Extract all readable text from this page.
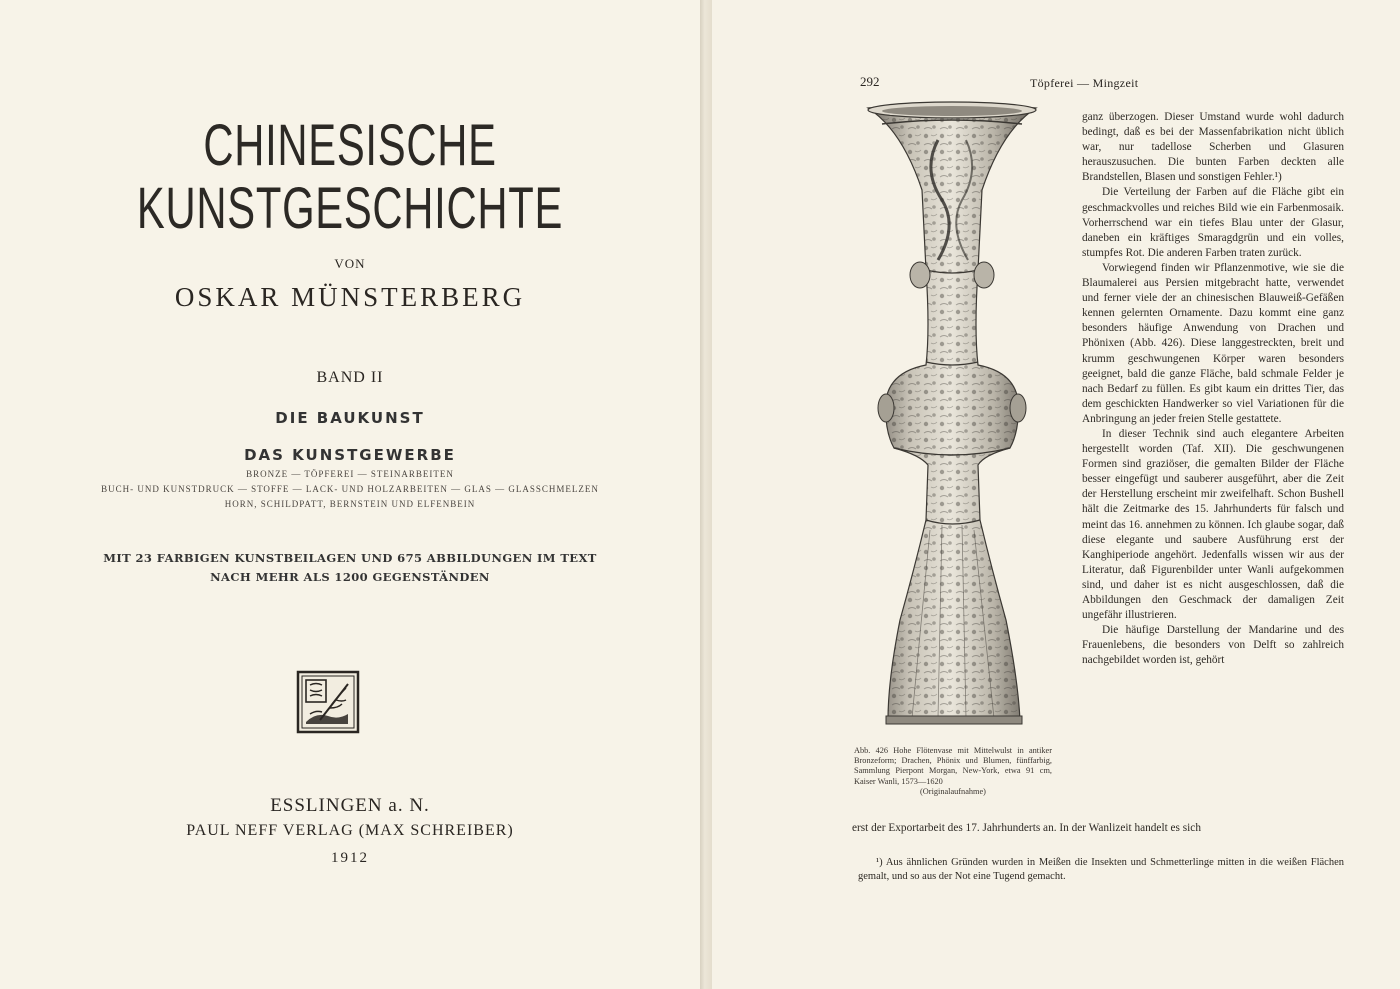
CHINESISCHE
KUNSTGESCHICHTE
VON
OSKAR MÜNSTERBERG
BAND II
DIE BAUKUNST
DAS KUNSTGEWERBE
BRONZE — TÖPFEREI — STEINARBEITEN
BUCH- UND KUNSTDRUCK — STOFFE — LACK- UND HOLZARBEITEN — GLAS — GLASSCHMELZEN
HORN, SCHILDPATT, BERNSTEIN UND ELFENBEIN
MIT 23 FARBIGEN KUNSTBEILAGEN UND 675 ABBILDUNGEN IM TEXT
NACH MEHR ALS 1200 GEGENSTÄNDEN
ESSLINGEN a. N.
PAUL NEFF VERLAG (MAX SCHREIBER)
1912
292	Töpferei — Mingzeit
Abb. 426 Hohe Flötenvase mit Mittelwulst in antiker Bronzeform; Drachen, Phönix und Blumen, fünffarbig, Sammlung Pierpont Morgan, New-York, etwa 91 cm, Kaiser Wanli, 1573—1620
(Originalaufnahme)

ganz überzogen. Dieser Umstand wurde wohl dadurch bedingt, daß es bei der Massenfabrikation nicht üblich war, nur tadellose Scherben und Glasuren herauszusuchen. Die bunten Farben deckten alle Brandstellen, Blasen und sonstigen Fehler.¹)

Die Verteilung der Farben auf die Fläche gibt ein geschmackvolles und reiches Bild wie ein Farbenmosaik. Vorherrschend war ein tiefes Blau unter der Glasur, daneben ein kräftiges Smaragdgrün und ein volles, stumpfes Rot. Die anderen Farben traten zurück.

Vorwiegend finden wir Pflanzenmotive, wie sie die Blaumalerei aus Persien mitgebracht hatte, verwendet und ferner viele der an chinesischen Blauweiß-Gefäßen kennen gelernten Ornamente. Dazu kommt eine ganz besonders häufige Anwendung von Drachen und Phönixen (Abb. 426). Diese langgestreckten, breit und krumm geschwungenen Körper waren besonders geeignet, bald die ganze Fläche, bald schmale Felder je nach Bedarf zu füllen. Es gibt kaum ein drittes Tier, das dem geschickten Handwerker so viel Variationen für die Anbringung an jeder freien Stelle gestattete.

In dieser Technik sind auch elegantere Arbeiten hergestellt worden (Taf. XII). Die geschwungenen Formen sind graziöser, die gemalten Bilder der Fläche besser eingefügt und sauberer ausgeführt, aber die Zeit der Herstellung erscheint mir zweifelhaft. Schon Bushell hält die Zeitmarke des 15. Jahrhunderts für falsch und meint das 16. annehmen zu können. Ich glaube sogar, daß diese elegante und saubere Ausführung erst der Kanghiperiode angehört. Jedenfalls wissen wir aus der Literatur, daß Figurenbilder unter Wanli aufgekommen sind, und daher ist es nicht ausgeschlossen, daß die Abbildungen den Geschmack der damaligen Zeit ungefähr illustrieren.

Die häufige Darstellung der Mandarine und des Frauenlebens, die besonders von Delft so zahlreich nachgebildet worden ist, gehört

erst der Exportarbeit des 17. Jahrhunderts an. In der Wanlizeit handelt es sich
¹) Aus ähnlichen Gründen wurden in Meißen die Insekten und Schmetterlinge mitten in die weißen Flächen gemalt, und so aus der Not eine Tugend gemacht.
